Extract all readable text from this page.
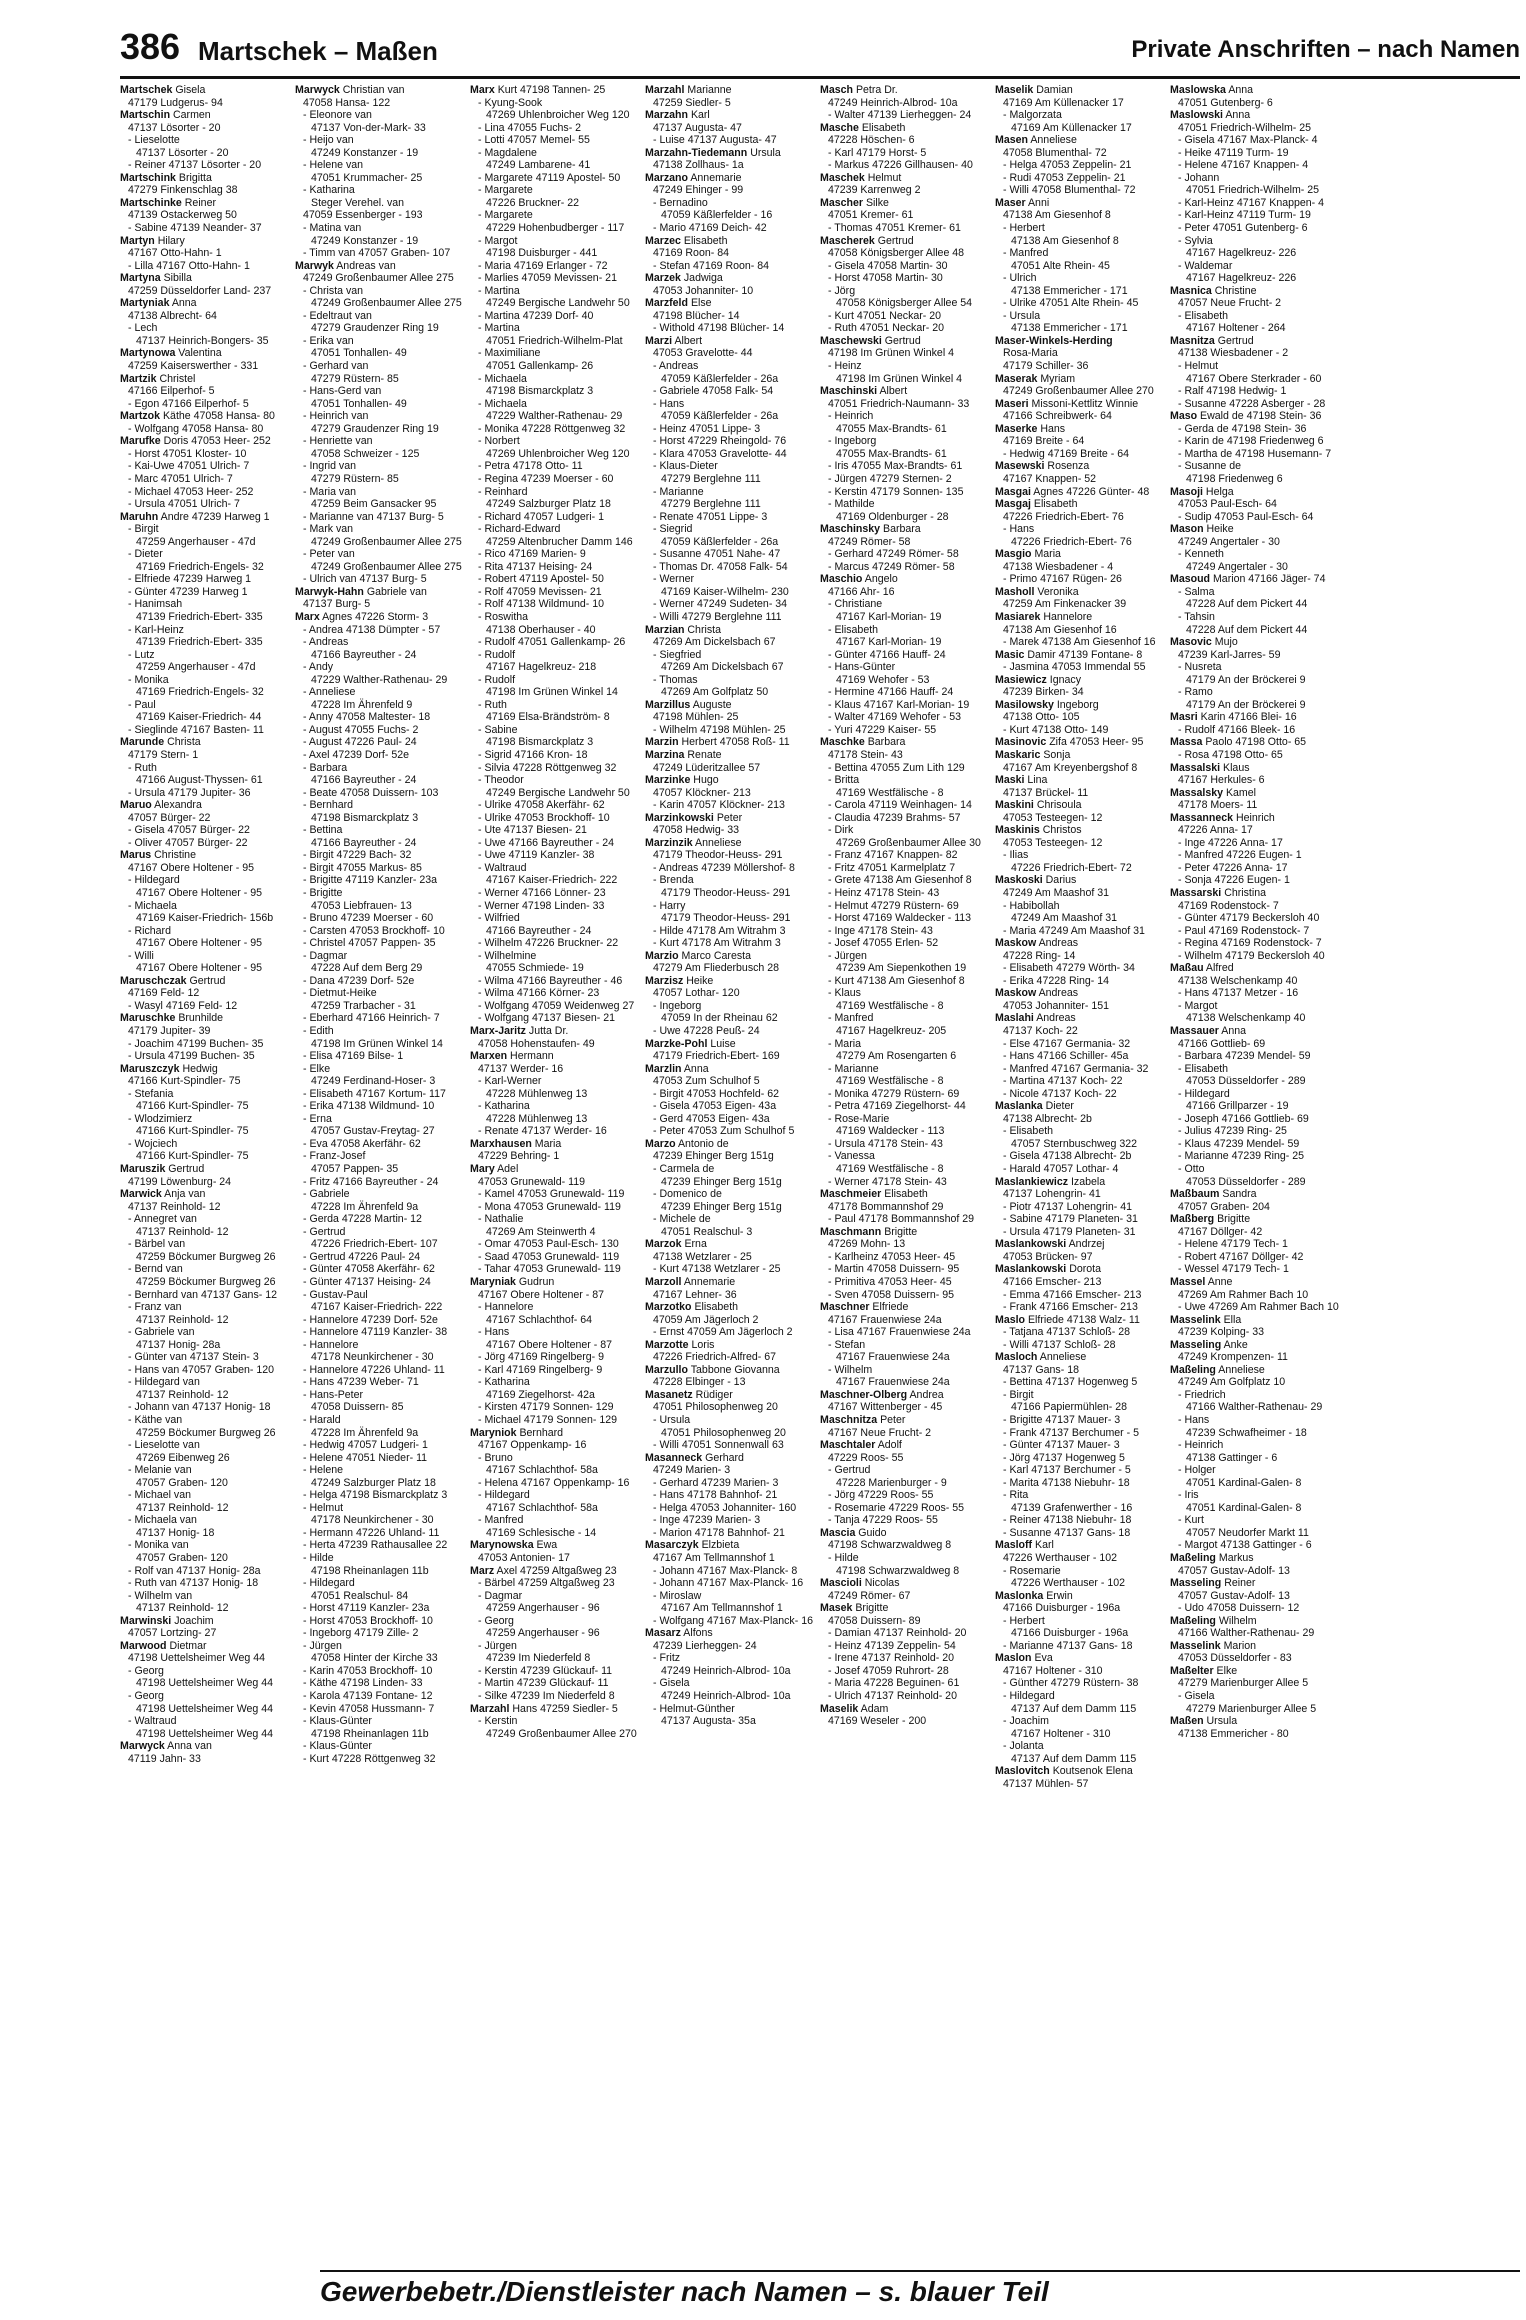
386 Martschek – Maßen	Private Anschriften – nach Namen
Martschek Gisela
47179 Ludgerus- 94
Martschin Carmen
47137 Lösorter - 20
- Lieselotte
47137 Lösorter - 20
- Reiner 47137 Lösorter - 20
Martschink Brigitta
47279 Finkenschlag 38
Martschinke Reiner
47139 Ostackerweg 50
- Sabine 47139 Neander- 37
Martyn Hilary
47167 Otto-Hahn- 1
- Lilla 47167 Otto-Hahn- 1
Martyna Sibilla
47259 Düsseldorfer Land- 237
Martyniak Anna
47138 Albrecht- 64
- Lech
47137 Heinrich-Bongers- 35
Martynowa Valentina
47259 Kaiserswerther - 331
Martzik Christel
47166 Eilperhof- 5
- Egon 47166 Eilperhof- 5
Martzok Käthe 47058 Hansa- 80
- Wolfgang 47058 Hansa- 80
Marufke Doris 47053 Heer- 252
- Horst 47051 Kloster- 10
- Kai-Uwe 47051 Ulrich- 7
- Marc 47051 Ulrich- 7
- Michael 47053 Heer- 252
- Ursula 47051 Ulrich- 7
Maruhn Andre 47239 Harweg 1
- Birgit
47259 Angerhauser - 47d
- Dieter
47169 Friedrich-Engels- 32
- Elfriede 47239 Harweg 1
- Günter 47239 Harweg 1
- Hanimsah
47139 Friedrich-Ebert- 335
- Karl-Heinz
47139 Friedrich-Ebert- 335
- Lutz
47259 Angerhauser - 47d
- Monika
47169 Friedrich-Engels- 32
- Paul
47169 Kaiser-Friedrich- 44
- Sieglinde 47167 Basten- 11
Marunde Christa
47179 Stern- 1
- Ruth
47166 August-Thyssen- 61
- Ursula 47179 Jupiter- 36
Maruo Alexandra
47057 Bürger- 22
- Gisela 47057 Bürger- 22
- Oliver 47057 Bürger- 22
Marus Christine
47167 Obere Holtener - 95
- Hildegard
47167 Obere Holtener - 95
- Michaela
47169 Kaiser-Friedrich- 156b
- Richard
47167 Obere Holtener - 95
- Willi
47167 Obere Holtener - 95
Maruschczak Gertrud
47169 Feld- 12
- Wasyl 47169 Feld- 12
Maruschke Brunhilde
47179 Jupiter- 39
- Joachim 47199 Buchen- 35
- Ursula 47199 Buchen- 35
Maruszczyk Hedwig
47166 Kurt-Spindler- 75
- Stefania
47166 Kurt-Spindler- 75
- Wlodzimierz
47166 Kurt-Spindler- 75
- Wojciech
47166 Kurt-Spindler- 75
Maruszik Gertrud
47199 Löwenburg- 24
Marwick Anja van
47137 Reinhold- 12
- Annegret van
47137 Reinhold- 12
- Bärbel van
47259 Böckumer Burgweg 26
- Bernd van
47259 Böckumer Burgweg 26
- Bernhard van 47137 Gans- 12
- Franz van
47137 Reinhold- 12
- Gabriele van
47137 Honig- 28a
- Günter van 47137 Stein- 3
- Hans van 47057 Graben- 120
- Hildegard van
47137 Reinhold- 12
- Johann van 47137 Honig- 18
- Käthe van
47259 Böckumer Burgweg 26
- Lieselotte van
47269 Eibenweg 26
- Melanie van
47057 Graben- 120
- Michael van
47137 Reinhold- 12
- Michaela van
47137 Honig- 18
- Monika van
47057 Graben- 120
- Rolf van 47137 Honig- 28a
- Ruth van 47137 Honig- 18
- Wilhelm van
47137 Reinhold- 12
Marwinski Joachim
47057 Lortzing- 27
Marwood Dietmar
47198 Uettelsheimer Weg 44
- Georg
47198 Uettelsheimer Weg 44
- Georg
47198 Uettelsheimer Weg 44
- Waltraud
47198 Uettelsheimer Weg 44
Marwyck Anna van
47119 Jahn- 33
Marwyck Christian van
47058 Hansa- 122
- Eleonore van
47137 Von-der-Mark- 33
- Heijo van
47249 Konstanzer - 19
- Helene van
47051 Krummacher- 25
- Katharina
Steger Verehel. van
47059 Essenberger - 193
- Matina van
47249 Konstanzer - 19
- Timm van 47057 Graben- 107
Marwyk Andreas van
47249 Großenbaumer Allee 275
- Christa van
47249 Großenbaumer Allee 275
- Edeltraut van
47279 Graudenzer Ring 19
- Erika van
47051 Tonhallen- 49
- Gerhard van
47279 Rüstern- 85
- Hans-Gerd van
47051 Tonhallen- 49
- Heinrich van
47279 Graudenzer Ring 19
- Henriette van
47058 Schweizer - 125
- Ingrid van
47279 Rüstern- 85
- Maria van
47259 Beim Gansacker 95
- Marianne van 47137 Burg- 5
- Mark van
47249 Großenbaumer Allee 275
- Peter van
47249 Großenbaumer Allee 275
- Ulrich van 47137 Burg- 5
Marwyk-Hahn Gabriele van
47137 Burg- 5
Marx Agnes 47226 Storm- 3
- Andrea 47138 Dümpter - 57
- Andreas
47166 Bayreuther - 24
- Andy
47229 Walther-Rathenau- 29
- Anneliese
47228 Im Ährenfeld 9
- Anny 47058 Maltester- 18
- August 47055 Fuchs- 2
- August 47226 Paul- 24
- Axel 47239 Dorf- 52e
- Barbara
47166 Bayreuther - 24
- Beate 47058 Duissern- 103
- Bernhard
47198 Bismarckplatz 3
- Bettina
47166 Bayreuther - 24
- Birgit 47229 Bach- 32
- Birgit 47055 Markus- 85
- Brigitte 47119 Kanzler- 23a
- Brigitte
47053 Liebfrauen- 13
- Bruno 47239 Moerser - 60
- Carsten 47053 Brockhoff- 10
- Christel 47057 Pappen- 35
- Dagmar
47228 Auf dem Berg 29
- Dana 47239 Dorf- 52e
- Dietmut-Heike
47259 Trarbacher - 31
- Eberhard 47166 Heinrich- 7
- Edith
47198 Im Grünen Winkel 14
- Elisa 47169 Bilse- 1
- Elke
47249 Ferdinand-Hoser- 3
- Elisabeth 47167 Kortum- 117
- Erika 47138 Wildmund- 10
- Erna
47057 Gustav-Freytag- 27
- Eva 47058 Akerfähr- 62
- Franz-Josef
47057 Pappen- 35
- Fritz 47166 Bayreuther - 24
- Gabriele
47228 Im Ährenfeld 9a
- Gerda 47228 Martin- 12
- Gertrud
47226 Friedrich-Ebert- 107
- Gertrud 47226 Paul- 24
- Günter 47058 Akerfähr- 62
- Günter 47137 Heising- 24
- Gustav-Paul
47167 Kaiser-Friedrich- 222
- Hannelore 47239 Dorf- 52e
- Hannelore 47119 Kanzler- 38
- Hannelore
47178 Neunkirchener - 30
- Hannelore 47226 Uhland- 11
- Hans 47239 Weber- 71
- Hans-Peter
47058 Duissern- 85
- Harald
47228 Im Ährenfeld 9a
- Hedwig 47057 Ludgeri- 1
- Helene 47051 Nieder- 11
- Helene
47249 Salzburger Platz 18
- Helga 47198 Bismarckplatz 3
- Helmut
47178 Neunkirchener - 30
- Hermann 47226 Uhland- 11
- Herta 47239 Rathausallee 22
- Hilde
47198 Rheinanlagen 11b
- Hildegard
47051 Realschul- 84
- Horst 47119 Kanzler- 23a
- Horst 47053 Brockhoff- 10
- Ingeborg 47179 Zille- 2
- Jürgen
47058 Hinter der Kirche 33
- Karin 47053 Brockhoff- 10
- Käthe 47198 Linden- 33
- Karola 47139 Fontane- 12
- Kevin 47058 Hussmann- 7
- Klaus-Günter
47198 Rheinanlagen 11b
- Klaus-Günter
- Kurt 47228 Röttgenweg 32
Marx Kurt 47198 Tannen- 25
- Kyung-Sook
47269 Uhlenbroicher Weg 120
- Lina 47055 Fuchs- 2
- Lotti 47057 Memel- 55
- Magdalene
47249 Lambarene- 41
- Margarete 47119 Apostel- 50
- Margarete
47226 Bruckner- 22
- Margarete
47229 Hohenbudberger - 117
- Margot
47198 Duisburger - 441
- Maria 47169 Erlanger - 72
- Marlies 47059 Mevissen- 21
- Martina
47249 Bergische Landwehr 50
- Martina 47239 Dorf- 40
- Martina
47051 Friedrich-Wilhelm-Plat
- Maximiliane
47051 Gallenkamp- 26
- Michaela
47198 Bismarckplatz 3
- Michaela
47229 Walther-Rathenau- 29
- Monika 47228 Röttgenweg 32
- Norbert
47269 Uhlenbroicher Weg 120
- Petra 47178 Otto- 11
- Regina 47239 Moerser - 60
- Reinhard
47249 Salzburger Platz 18
- Richard 47057 Ludgeri- 1
- Richard-Edward
47259 Altenbrucher Damm 146
- Rico 47169 Marien- 9
- Rita 47137 Heising- 24
- Robert 47119 Apostel- 50
- Rolf 47059 Mevissen- 21
- Rolf 47138 Wildmund- 10
- Roswitha
47138 Oberhauser - 40
- Rudolf 47051 Gallenkamp- 26
- Rudolf
47167 Hagelkreuz- 218
- Rudolf
47198 Im Grünen Winkel 14
- Ruth
47169 Elsa-Brändström- 8
- Sabine
47198 Bismarckplatz 3
- Sigrid 47166 Kron- 18
- Silvia 47228 Röttgenweg 32
- Theodor
47249 Bergische Landwehr 50
- Ulrike 47058 Akerfähr- 62
- Ulrike 47053 Brockhoff- 10
- Ute 47137 Biesen- 21
- Uwe 47166 Bayreuther - 24
- Uwe 47119 Kanzler- 38
- Waltraud
47167 Kaiser-Friedrich- 222
- Werner 47166 Lönner- 23
- Werner 47198 Linden- 33
- Wilfried
47166 Bayreuther - 24
- Wilhelm 47226 Bruckner- 22
- Wilhelmine
47055 Schmiede- 19
- Wilma 47166 Bayreuther - 46
- Wilma 47166 Körner- 23
- Wolfgang 47059 Weidenweg 27
- Wolfgang 47137 Biesen- 21
Marx-Jaritz Jutta Dr.
47058 Hohenstaufen- 49
Marxen Hermann
47137 Werder- 16
- Karl-Werner
47228 Mühlenweg 13
- Katharina
47228 Mühlenweg 13
- Renate 47137 Werder- 16
Marxhausen Maria
47229 Behring- 1
Mary Adel
47053 Grunewald- 119
- Kamel 47053 Grunewald- 119
- Mona 47053 Grunewald- 119
- Nathalie
47269 Am Steinwerth 4
- Omar 47053 Paul-Esch- 130
- Saad 47053 Grunewald- 119
- Tahar 47053 Grunewald- 119
Maryniak Gudrun
47167 Obere Holtener - 87
- Hannelore
47167 Schlachthof- 64
- Hans
47167 Obere Holtener - 87
- Jörg 47169 Ringelberg- 9
- Karl 47169 Ringelberg- 9
- Katharina
47169 Ziegelhorst- 42a
- Kirsten 47179 Sonnen- 129
- Michael 47179 Sonnen- 129
Maryniok Bernhard
47167 Oppenkamp- 16
- Bruno
47167 Schlachthof- 58a
- Helena 47167 Oppenkamp- 16
- Hildegard
47167 Schlachthof- 58a
- Manfred
47169 Schlesische - 14
Marynowska Ewa
47053 Antonien- 17
Marz Axel 47259 Altgaßweg 23
- Bärbel 47259 Altgaßweg 23
- Dagmar
47259 Angerhauser - 96
- Georg
47259 Angerhauser - 96
- Jürgen
47239 Im Niederfeld 8
- Kerstin 47239 Glückauf- 11
- Martin 47239 Glückauf- 11
- Silke 47239 Im Niederfeld 8
Marzahl Hans 47259 Siedler- 5
- Kerstin
47249 Großenbaumer Allee 270
Marzahl Marianne
47259 Siedler- 5
Marzahn Karl
47137 Augusta- 47
- Luise 47137 Augusta- 47
Marzahn-Tiedemann Ursula
47138 Zollhaus- 1a
Marzano Annemarie
47249 Ehinger - 99
- Bernadino
47059 Käßlerfelder - 16
- Mario 47169 Deich- 42
Marzec Elisabeth
47169 Roon- 84
- Stefan 47169 Roon- 84
Marzek Jadwiga
47053 Johanniter- 10
Marzfeld Else
47198 Blücher- 14
- Withold 47198 Blücher- 14
Marzi Albert
47053 Gravelotte- 44
- Andreas
47059 Käßlerfelder - 26a
- Gabriele 47058 Falk- 54
- Hans
47059 Käßlerfelder - 26a
- Heinz 47051 Lippe- 3
- Horst 47229 Rheingold- 76
- Klara 47053 Gravelotte- 44
- Klaus-Dieter
47279 Berglehne 111
- Marianne
47279 Berglehne 111
- Renate 47051 Lippe- 3
- Siegrid
47059 Käßlerfelder - 26a
- Susanne 47051 Nahe- 47
- Thomas Dr. 47058 Falk- 54
- Werner
47169 Kaiser-Wilhelm- 230
- Werner 47249 Sudeten- 34
- Willi 47279 Berglehne 111
Marzian Christa
47269 Am Dickelsbach 67
- Siegfried
47269 Am Dickelsbach 67
- Thomas
47269 Am Golfplatz 50
Marzillus Auguste
47198 Mühlen- 25
- Wilhelm 47198 Mühlen- 25
Marzin Herbert 47058 Roß- 11
Marzina Renate
47249 Lüderitzallee 57
Marzinke Hugo
47057 Klöckner- 213
- Karin 47057 Klöckner- 213
Marzinkowski Peter
47058 Hedwig- 33
Marzinzik Anneliese
47179 Theodor-Heuss- 291
- Andreas 47239 Möllershof- 8
- Brenda
47179 Theodor-Heuss- 291
- Harry
47179 Theodor-Heuss- 291
- Hilde 47178 Am Witrahm 3
- Kurt 47178 Am Witrahm 3
Marzio Marco Caresta
47279 Am Fliederbusch 28
Marzisz Heike
47057 Lothar- 120
- Ingeborg
47059 In der Rheinau 62
- Uwe 47228 Peuß- 24
Marzke-Pohl Luise
47179 Friedrich-Ebert- 169
Marzlin Anna
47053 Zum Schulhof 5
- Birgit 47053 Hochfeld- 62
- Gisela 47053 Eigen- 43a
- Gerd 47053 Eigen- 43a
- Peter 47053 Zum Schulhof 5
Marzo Antonio de
47239 Ehinger Berg 151g
- Carmela de
47239 Ehinger Berg 151g
- Domenico de
47239 Ehinger Berg 151g
- Michele de
47051 Realschul- 3
Marzok Erna
47138 Wetzlarer - 25
- Kurt 47138 Wetzlarer - 25
Marzoll Annemarie
47167 Lehner- 36
Marzotko Elisabeth
47059 Am Jägerloch 2
- Ernst 47059 Am Jägerloch 2
Marzotte Loris
47226 Friedrich-Alfred- 67
Marzullo Tabbone Giovanna
47228 Elbinger - 13
Masanetz Rüdiger
47051 Philosophenweg 20
- Ursula
47051 Philosophenweg 20
- Willi 47051 Sonnenwall 63
Masanneck Gerhard
47249 Marien- 3
- Gerhard 47239 Marien- 3
- Hans 47178 Bahnhof- 21
- Helga 47053 Johanniter- 160
- Inge 47239 Marien- 3
- Marion 47178 Bahnhof- 21
Masarczyk Elzbieta
47167 Am Tellmannshof 1
- Johann 47167 Max-Planck- 8
- Johann 47167 Max-Planck- 16
- Miroslaw
47167 Am Tellmannshof 1
- Wolfgang 47167 Max-Planck- 16
Masarz Alfons
47239 Lierheggen- 24
- Fritz
47249 Heinrich-Albrod- 10a
- Gisela
47249 Heinrich-Albrod- 10a
- Helmut-Günther
47137 Augusta- 35a
Masch Petra Dr.
47249 Heinrich-Albrod- 10a
- Walter 47139 Lierheggen- 24
Masche Elisabeth
47228 Höschen- 6
- Karl 47179 Horst- 5
- Markus 47226 Gillhausen- 40
Maschek Helmut
47239 Karrenweg 2
Mascher Silke
47051 Kremer- 61
- Thomas 47051 Kremer- 61
Mascherek Gertrud
47058 Königsberger Allee 48
- Gisela 47058 Martin- 30
- Horst 47058 Martin- 30
- Jörg
47058 Königsberger Allee 54
- Kurt 47051 Neckar- 20
- Ruth 47051 Neckar- 20
Maschewski Gertrud
47198 Im Grünen Winkel 4
- Heinz
47198 Im Grünen Winkel 4
Maschinski Albert
47051 Friedrich-Naumann- 33
- Heinrich
47055 Max-Brandts- 61
- Ingeborg
47055 Max-Brandts- 61
- Iris 47055 Max-Brandts- 61
- Jürgen 47279 Sternen- 2
- Kerstin 47179 Sonnen- 135
- Mathilde
47169 Oldenburger - 28
Maschinsky Barbara
47249 Römer- 58
- Gerhard 47249 Römer- 58
- Marcus 47249 Römer- 58
Maschio Angelo
47166 Ahr- 16
- Christiane
47167 Karl-Morian- 19
- Elisabeth
47167 Karl-Morian- 19
- Günter 47166 Hauff- 24
- Hans-Günter
47169 Wehofer - 53
- Hermine 47166 Hauff- 24
- Klaus 47167 Karl-Morian- 19
- Walter 47169 Wehofer - 53
- Yuri 47229 Kaiser- 55
Maschke Barbara
47178 Stein- 43
- Bettina 47055 Zum Lith 129
- Britta
47169 Westfälische - 8
- Carola 47119 Weinhagen- 14
- Claudia 47239 Brahms- 57
- Dirk
47269 Großenbaumer Allee 30
- Franz 47167 Knappen- 82
- Fritz 47051 Karmelplatz 7
- Grete 47138 Am Giesenhof 8
- Heinz 47178 Stein- 43
- Helmut 47279 Rüstern- 69
- Horst 47169 Waldecker - 113
- Inge 47178 Stein- 43
- Josef 47055 Erlen- 52
- Jürgen
47239 Am Siepenkothen 19
- Kurt 47138 Am Giesenhof 8
- Klaus
47169 Westfälische - 8
- Manfred
47167 Hagelkreuz- 205
- Maria
47279 Am Rosengarten 6
- Marianne
47169 Westfälische - 8
- Monika 47279 Rüstern- 69
- Petra 47169 Ziegelhorst- 44
- Rose-Marie
47169 Waldecker - 113
- Ursula 47178 Stein- 43
- Vanessa
47169 Westfälische - 8
- Werner 47178 Stein- 43
Maschmeier Elisabeth
47178 Bommannshof 29
- Paul 47178 Bommannshof 29
Maschmann Brigitte
47269 Mohn- 13
- Karlheinz 47053 Heer- 45
- Martin 47058 Duissern- 95
- Primitiva 47053 Heer- 45
- Sven 47058 Duissern- 95
Maschner Elfriede
47167 Frauenwiese 24a
- Lisa 47167 Frauenwiese 24a
- Stefan
47167 Frauenwiese 24a
- Wilhelm
47167 Frauenwiese 24a
Maschner-Olberg Andrea
47167 Wittenberger - 45
Maschnitza Peter
47167 Neue Frucht- 2
Maschtaler Adolf
47229 Roos- 55
- Gertrud
47228 Marienburger - 9
- Jörg 47229 Roos- 55
- Rosemarie 47229 Roos- 55
- Tanja 47229 Roos- 55
Mascia Guido
47198 Schwarzwaldweg 8
- Hilde
47198 Schwarzwaldweg 8
Mascioli Nicolas
47249 Römer- 67
Masek Brigitte
47058 Duissern- 89
- Damian 47137 Reinhold- 20
- Heinz 47139 Zeppelin- 54
- Irene 47137 Reinhold- 20
- Josef 47059 Ruhrort- 28
- Maria 47228 Beguinen- 61
- Ulrich 47137 Reinhold- 20
Maselik Adam
47169 Weseler - 200
Maselik Damian
47169 Am Küllenacker 17
- Malgorzata
47169 Am Küllenacker 17
Masen Anneliese
47058 Blumenthal- 72
- Helga 47053 Zeppelin- 21
- Rudi 47053 Zeppelin- 21
- Willi 47058 Blumenthal- 72
Maser Anni
47138 Am Giesenhof 8
- Herbert
47138 Am Giesenhof 8
- Manfred
47051 Alte Rhein- 45
- Ulrich
47138 Emmericher - 171
- Ulrike 47051 Alte Rhein- 45
- Ursula
47138 Emmericher - 171
Maser-Winkels-Herding
Rosa-Maria
47179 Schiller- 36
Maserak Myriam
47249 Großenbaumer Allee 270
Maseri Missoni-Kettlitz Winnie
47166 Schreibwerk- 64
Maserke Hans
47169 Breite - 64
- Hedwig 47169 Breite - 64
Masewski Rosenza
47167 Knappen- 52
Masgai Agnes 47226 Günter- 48
Masgaj Elisabeth
47226 Friedrich-Ebert- 76
- Hans
47226 Friedrich-Ebert- 76
Masgio Maria
47138 Wiesbadener - 4
- Primo 47167 Rügen- 26
Masholl Veronika
47259 Am Finkenacker 39
Masiarek Hannelore
47138 Am Giesenhof 16
- Marek 47138 Am Giesenhof 16
Masic Damir 47139 Fontane- 8
- Jasmina 47053 Immendal 55
Masiewicz Ignacy
47239 Birken- 34
Masilowsky Ingeborg
47138 Otto- 105
- Kurt 47138 Otto- 149
Masinovic Zifa 47053 Heer- 95
Maskaric Sonja
47167 Am Kreyenbergshof 8
Maski Lina
47137 Brückel- 11
Maskini Chrisoula
47053 Testeegen- 12
Maskinis Christos
47053 Testeegen- 12
- Ilias
47226 Friedrich-Ebert- 72
Maskoski Darius
47249 Am Maashof 31
- Habibollah
47249 Am Maashof 31
- Maria 47249 Am Maashof 31
Maskow Andreas
47228 Ring- 14
- Elisabeth 47279 Wörth- 34
- Erika 47228 Ring- 14
Maskow Andreas
47053 Johanniter- 151
Maslahi Andreas
47137 Koch- 22
- Else 47167 Germania- 32
- Hans 47166 Schiller- 45a
- Manfred 47167 Germania- 32
- Martina 47137 Koch- 22
- Nicole 47137 Koch- 22
Maslanka Dieter
47138 Albrecht- 2b
- Elisabeth
47057 Sternbuschweg 322
- Gisela 47138 Albrecht- 2b
- Harald 47057 Lothar- 4
Maslankiewicz Izabela
47137 Lohengrin- 41
- Piotr 47137 Lohengrin- 41
- Sabine 47179 Planeten- 31
- Ursula 47179 Planeten- 31
Maslankowski Andrzej
47053 Brücken- 97
Maslankowski Dorota
47166 Emscher- 213
- Emma 47166 Emscher- 213
- Frank 47166 Emscher- 213
Maslo Elfriede 47138 Walz- 11
- Tatjana 47137 Schloß- 28
- Willi 47137 Schloß- 28
Masloch Anneliese
47137 Gans- 18
- Bettina 47137 Hogenweg 5
- Birgit
47166 Papiermühlen- 28
- Brigitte 47137 Mauer- 3
- Frank 47137 Berchumer - 5
- Günter 47137 Mauer- 3
- Jörg 47137 Hogenweg 5
- Karl 47137 Berchumer - 5
- Marita 47138 Niebuhr- 18
- Rita
47139 Grafenwerther - 16
- Reiner 47138 Niebuhr- 18
- Susanne 47137 Gans- 18
Masloff Karl
47226 Werthauser - 102
- Rosemarie
47226 Werthauser - 102
Maslonka Erwin
47166 Duisburger - 196a
- Herbert
47166 Duisburger - 196a
- Marianne 47137 Gans- 18
Maslon Eva
47167 Holtener - 310
- Günther 47279 Rüstern- 38
- Hildegard
47137 Auf dem Damm 115
- Joachim
47167 Holtener - 310
- Jolanta
47137 Auf dem Damm 115
Maslovitch Koutsenok Elena
47137 Mühlen- 57
Maslowska Anna
47051 Gutenberg- 6
Maslowski Anna
47051 Friedrich-Wilhelm- 25
- Gisela 47167 Max-Planck- 4
- Heike 47119 Turm- 19
- Helene 47167 Knappen- 4
- Johann
47051 Friedrich-Wilhelm- 25
- Karl-Heinz 47167 Knappen- 4
- Karl-Heinz 47119 Turm- 19
- Peter 47051 Gutenberg- 6
- Sylvia
47167 Hagelkreuz- 226
- Waldemar
47167 Hagelkreuz- 226
Masnica Christine
47057 Neue Frucht- 2
- Elisabeth
47167 Holtener - 264
Masnitza Gertrud
47138 Wiesbadener - 2
- Helmut
47167 Obere Sterkrader - 60
- Ralf 47198 Hedwig- 1
- Susanne 47228 Asberger - 28
Maso Ewald de 47198 Stein- 36
- Gerda de 47198 Stein- 36
- Karin de 47198 Friedenweg 6
- Martha de 47198 Husemann- 7
- Susanne de
47198 Friedenweg 6
Masoji Helga
47053 Paul-Esch- 64
- Sudip 47053 Paul-Esch- 64
Mason Heike
47249 Angertaler - 30
- Kenneth
47249 Angertaler - 30
Masoud Marion 47166 Jäger- 74
- Salma
47228 Auf dem Pickert 44
- Tahsin
47228 Auf dem Pickert 44
Masovic Mujo
47239 Karl-Jarres- 59
- Nusreta
47179 An der Bröckerei 9
- Ramo
47179 An der Bröckerei 9
Masri Karin 47166 Blei- 16
- Rudolf 47166 Bleek- 16
Massa Paolo 47198 Otto- 65
- Rosa 47198 Otto- 65
Massalski Klaus
47167 Herkules- 6
Massalsky Kamel
47178 Moers- 11
Massanneck Heinrich
47226 Anna- 17
- Inge 47226 Anna- 17
- Manfred 47226 Eugen- 1
- Peter 47226 Anna- 17
- Sonja 47226 Eugen- 1
Massarski Christina
47169 Rodenstock- 7
- Günter 47179 Beckersloh 40
- Paul 47169 Rodenstock- 7
- Regina 47169 Rodenstock- 7
- Wilhelm 47179 Beckersloh 40
Maßau Alfred
47138 Welschenkamp 40
- Hans 47137 Metzer - 16
- Margot
47138 Welschenkamp 40
Massauer Anna
47166 Gottlieb- 69
- Barbara 47239 Mendel- 59
- Elisabeth
47053 Düsseldorfer - 289
- Hildegard
47166 Grillparzer - 19
- Joseph 47166 Gottlieb- 69
- Julius 47239 Ring- 25
- Klaus 47239 Mendel- 59
- Marianne 47239 Ring- 25
- Otto
47053 Düsseldorfer - 289
Maßbaum Sandra
47057 Graben- 204
Maßberg Brigitte
47167 Döllger- 42
- Helene 47179 Tech- 1
- Robert 47167 Döllger- 42
- Wessel 47179 Tech- 1
Massel Anne
47269 Am Rahmer Bach 10
- Uwe 47269 Am Rahmer Bach 10
Masselink Ella
47239 Kolping- 33
Masseling Anke
47249 Krompenzen- 11
Maßeling Anneliese
47249 Am Golfplatz 10
- Friedrich
47166 Walther-Rathenau- 29
- Hans
47239 Schwafheimer - 18
- Heinrich
47138 Gattinger - 6
- Holger
47051 Kardinal-Galen- 8
- Iris
47051 Kardinal-Galen- 8
- Kurt
47057 Neudorfer Markt 11
- Margot 47138 Gattinger - 6
Maßeling Markus
47057 Gustav-Adolf- 13
Masseling Reiner
47057 Gustav-Adolf- 13
- Udo 47058 Duissern- 12
Maßeling Wilhelm
47166 Walther-Rathenau- 29
Masselink Marion
47053 Düsseldorfer - 83
Maßelter Elke
47279 Marienburger Allee 5
- Gisela
47279 Marienburger Allee 5
Maßen Ursula
47138 Emmericher - 80
Gewerbebetr./Dienstleister nach Namen – s. blauer Teil
